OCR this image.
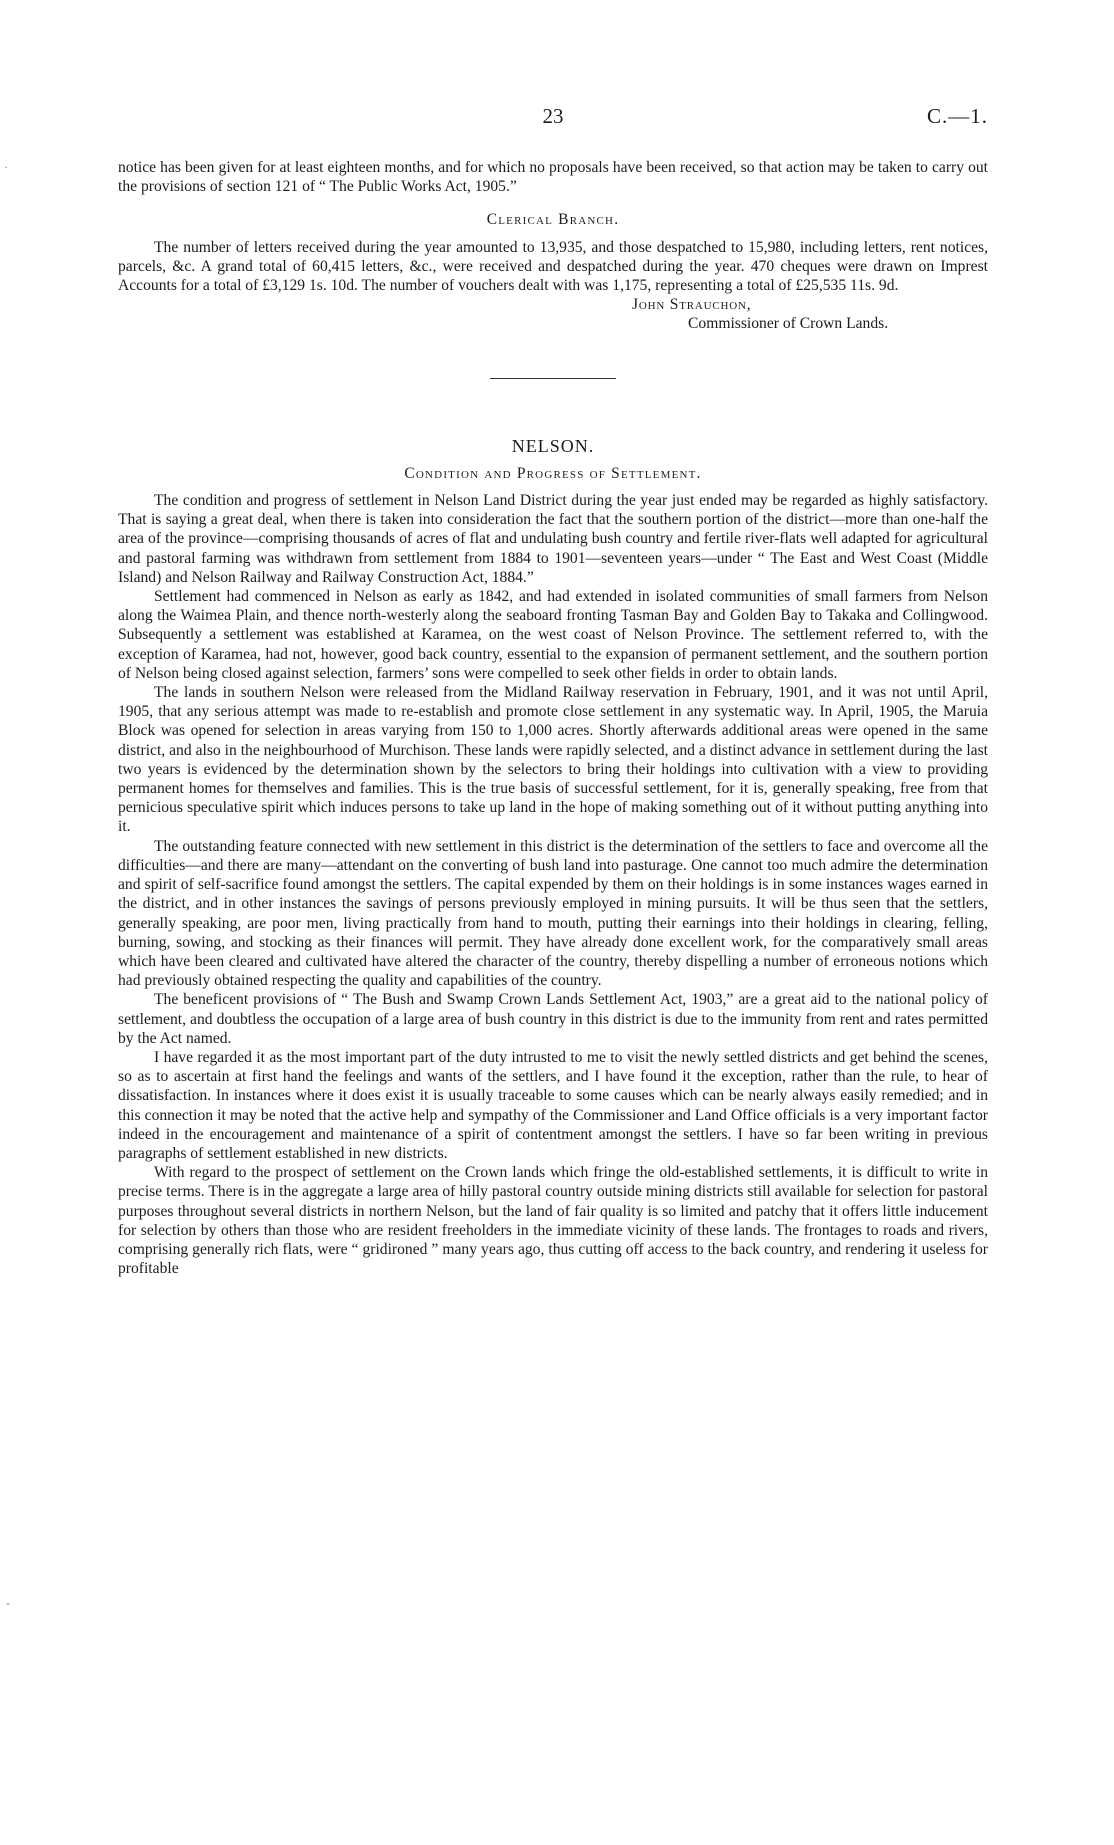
·
-
23	C.—1.

notice has been given for at least eighteen months, and for which no proposals have been received, so that action may be taken to carry out the provisions of section 121 of “ The Public Works Act, 1905.”

Clerical Branch.

The number of letters received during the year amounted to 13,935, and those despatched to 15,980, including letters, rent notices, parcels, &c. A grand total of 60,415 letters, &c., were received and despatched during the year. 470 cheques were drawn on Imprest Accounts for a total of £3,129 1s. 10d. The number of vouchers dealt with was 1,175, representing a total of £25,535 11s. 9d.

John Strauchon,

Commissioner of Crown Lands.

NELSON.
Condition and Progress of Settlement.

The condition and progress of settlement in Nelson Land District during the year just ended may be regarded as highly satisfactory. That is saying a great deal, when there is taken into consideration the fact that the southern portion of the district—more than one-half the area of the province—comprising thousands of acres of flat and undulating bush country and fertile river-flats well adapted for agricultural and pastoral farming was withdrawn from settlement from 1884 to 1901—seventeen years—under “ The East and West Coast (Middle Island) and Nelson Railway and Railway Construction Act, 1884.”

Settlement had commenced in Nelson as early as 1842, and had extended in isolated communities of small farmers from Nelson along the Waimea Plain, and thence north-westerly along the seaboard fronting Tasman Bay and Golden Bay to Takaka and Collingwood. Subsequently a settlement was established at Karamea, on the west coast of Nelson Province. The settlement referred to, with the exception of Karamea, had not, however, good back country, essential to the expansion of permanent settlement, and the southern portion of Nelson being closed against selection, farmers’ sons were compelled to seek other fields in order to obtain lands.

The lands in southern Nelson were released from the Midland Railway reservation in February, 1901, and it was not until April, 1905, that any serious attempt was made to re-establish and promote close settlement in any systematic way. In April, 1905, the Maruia Block was opened for selection in areas varying from 150 to 1,000 acres. Shortly afterwards additional areas were opened in the same district, and also in the neighbourhood of Murchison. These lands were rapidly selected, and a distinct advance in settlement during the last two years is evidenced by the determination shown by the selectors to bring their holdings into cultivation with a view to providing permanent homes for themselves and families. This is the true basis of successful settlement, for it is, generally speaking, free from that pernicious speculative spirit which induces persons to take up land in the hope of making something out of it without putting anything into it.

The outstanding feature connected with new settlement in this district is the determination of the settlers to face and overcome all the difficulties—and there are many—attendant on the converting of bush land into pasturage. One cannot too much admire the determination and spirit of self-sacrifice found amongst the settlers. The capital expended by them on their holdings is in some instances wages earned in the district, and in other instances the savings of persons previously employed in mining pursuits. It will be thus seen that the settlers, generally speaking, are poor men, living practically from hand to mouth, putting their earnings into their holdings in clearing, felling, burning, sowing, and stocking as their finances will permit. They have already done excellent work, for the comparatively small areas which have been cleared and cultivated have altered the character of the country, thereby dispelling a number of erroneous notions which had previously obtained respecting the quality and capabilities of the country.

The beneficent provisions of “ The Bush and Swamp Crown Lands Settlement Act, 1903,” are a great aid to the national policy of settlement, and doubtless the occupation of a large area of bush country in this district is due to the immunity from rent and rates permitted by the Act named.

I have regarded it as the most important part of the duty intrusted to me to visit the newly settled districts and get behind the scenes, so as to ascertain at first hand the feelings and wants of the settlers, and I have found it the exception, rather than the rule, to hear of dissatisfaction. In instances where it does exist it is usually traceable to some causes which can be nearly always easily remedied; and in this connection it may be noted that the active help and sympathy of the Commissioner and Land Office officials is a very important factor indeed in the encouragement and maintenance of a spirit of contentment amongst the settlers. I have so far been writing in previous paragraphs of settlement established in new districts.

With regard to the prospect of settlement on the Crown lands which fringe the old-established settlements, it is difficult to write in precise terms. There is in the aggregate a large area of hilly pastoral country outside mining districts still available for selection for pastoral purposes throughout several districts in northern Nelson, but the land of fair quality is so limited and patchy that it offers little inducement for selection by others than those who are resident freeholders in the immediate vicinity of these lands. The frontages to roads and rivers, comprising generally rich flats, were “ gridironed ” many years ago, thus cutting off access to the back country, and rendering it useless for profitable
